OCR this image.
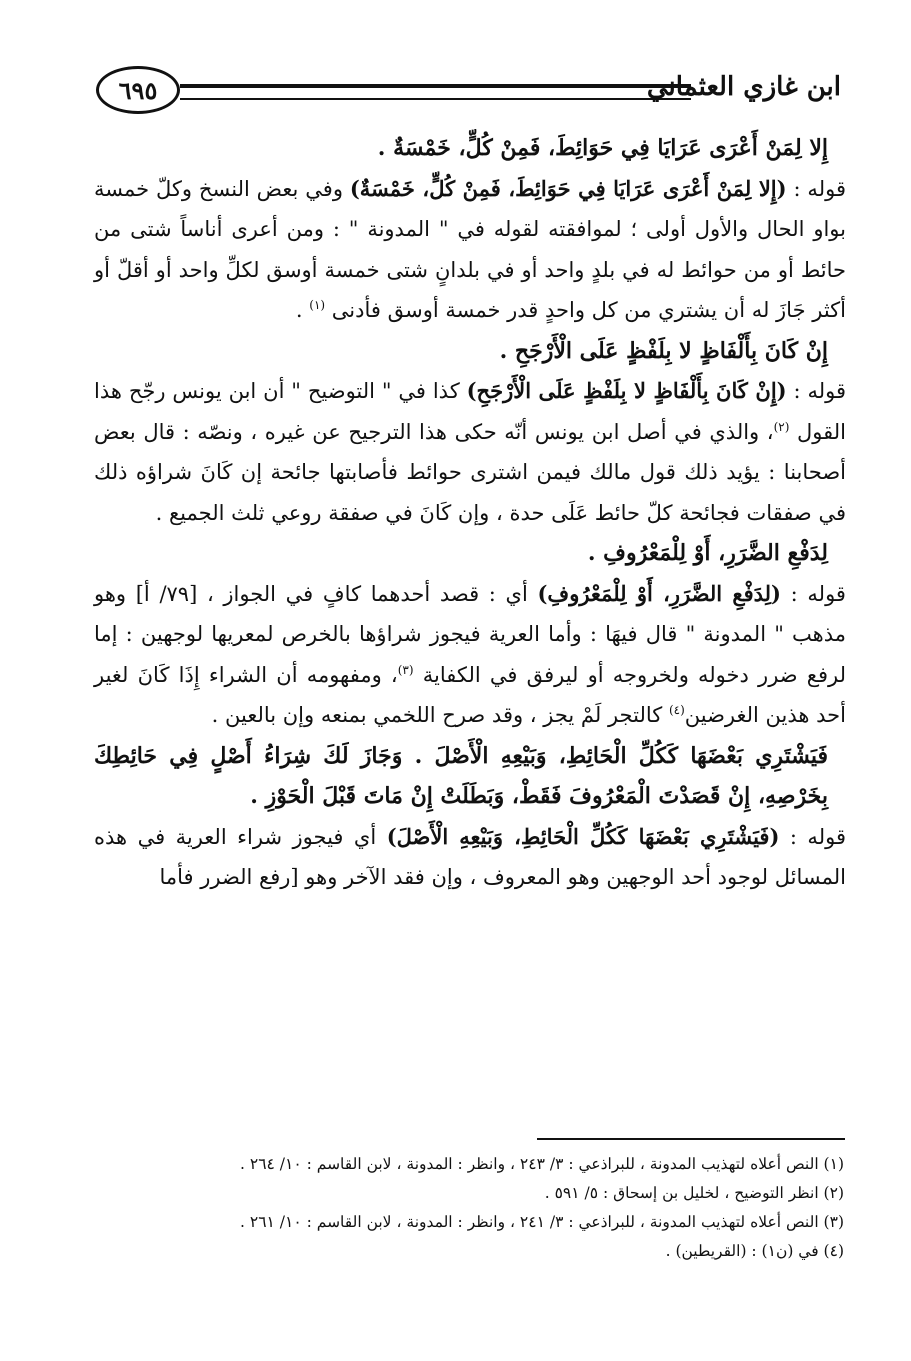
٦٩٥	ابن غازي العثماني

إِلا لِمَنْ أَعْرَى عَرَايَا فِي حَوَائِطَ، فَمِنْ كُلٍّ، خَمْسَةٌ .

قوله : (إِلا لِمَنْ أَعْرَى عَرَايَا فِي حَوَائِطَ، فَمِنْ كُلٍّ، خَمْسَةٌ) وفي بعض النسخ وكلّ خمسة بواو الحال والأول أولى ؛ لموافقته لقوله في " المدونة " : ومن أعرى أناساً شتى من حائط أو من حوائط له في بلدٍ واحد أو في بلدانٍ شتى خمسة أوسق لكلِّ واحد أو أقلّ أو أكثر جَازَ له أن يشتري من كل واحدٍ قدر خمسة أوسق فأدنى $^{(١)}$ .

إِنْ كَانَ بِأَلْفَاظٍ لا بِلَفْظٍ عَلَى الْأَرْجَحِ .

قوله : (إِنْ كَانَ بِأَلْفَاظٍ لا بِلَفْظٍ عَلَى الْأَرْجَحِ) كذا في " التوضيح " أن ابن يونس رجّح هذا القول $^{(٢)}$، والذي في أصل ابن يونس أنّه حكى هذا الترجيح عن غيره ، ونصّه : قال بعض أصحابنا : يؤيد ذلك قول مالك فيمن اشترى حوائط فأصابتها جائحة إن كَانَ شراؤه ذلك في صفقات فجائحة كلّ حائط عَلَى حدة ، وإن كَانَ في صفقة روعي ثلث الجميع .

لِدَفْعِ الضَّرَرِ، أَوْ لِلْمَعْرُوفِ .

قوله : (لِدَفْعِ الضَّرَرِ، أَوْ لِلْمَعْرُوفِ) أي : قصد أحدهما كافٍ في الجواز ، [٧٩/ أ] وهو مذهب " المدونة " قال فيهَا : وأما العرية فيجوز شراؤها بالخرص لمعريها لوجهين : إما لرفع ضرر دخوله ولخروجه أو ليرفق في الكفاية $^{(٣)}$، ومفهومه أن الشراء إِذَا كَانَ لغير أحد هذين الغرضين$^{(٤)}$ كالتجر لَمْ يجز ، وقد صرح اللخمي بمنعه وإن بالعين .

فَيَشْتَرِي بَعْضَهَا كَكُلِّ الْحَائِطِ، وَبَيْعِهِ الْأَصْلَ . وَجَازَ لَكَ شِرَاءُ أَصْلٍ فِي حَائِطِكَ بِخَرْصِهِ، إِنْ قَصَدْتَ الْمَعْرُوفَ فَقَطْ، وَبَطَلَتْ إِنْ مَاتَ قَبْلَ الْحَوْزِ .

قوله : (فَيَشْتَرِي بَعْضَهَا كَكُلِّ الْحَائِطِ، وَبَيْعِهِ الْأَصْلَ) أي فيجوز شراء العرية في هذه المسائل لوجود أحد الوجهين وهو المعروف ، وإن فقد الآخر وهو [رفع الضرر فأما

(١) النص أعلاه لتهذيب المدونة ، للبراذعي : ٣/ ٢٤٣ ، وانظر : المدونة ، لابن القاسم : ١٠/ ٢٦٤ .

(٢) انظر التوضيح ، لخليل بن إسحاق : ٥/ ٥٩١ .

(٣) النص أعلاه لتهذيب المدونة ، للبراذعي : ٣/ ٢٤١ ، وانظر : المدونة ، لابن القاسم : ١٠/ ٢٦١ .

(٤) في (ن١) : (القريطين) .
